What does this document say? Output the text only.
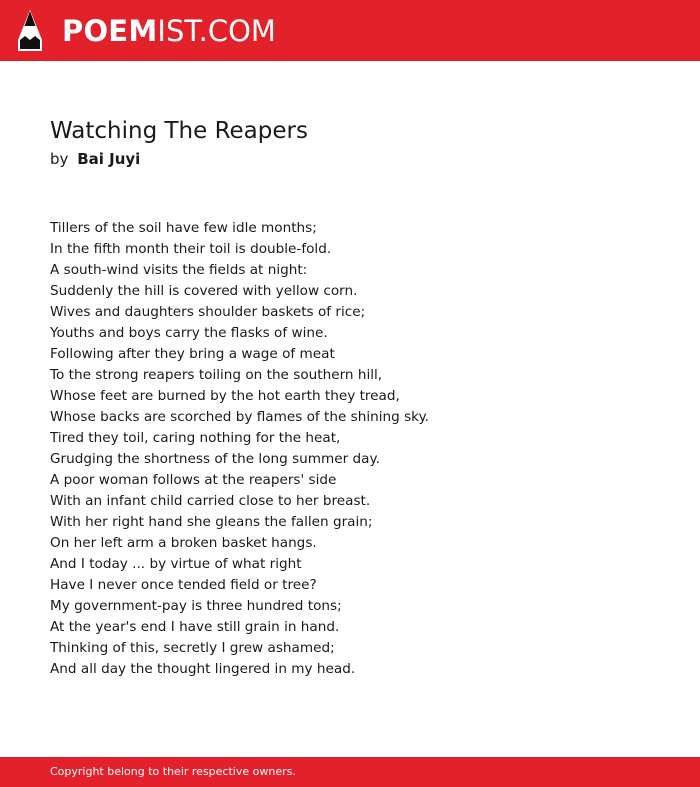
POEMIST.COM
Watching The Reapers
by Bai Juyi
Tillers of the soil have few idle months;
In the fifth month their toil is double-fold.
A south-wind visits the fields at night:
Suddenly the hill is covered with yellow corn.
Wives and daughters shoulder baskets of rice;
Youths and boys carry the flasks of wine.
Following after they bring a wage of meat
To the strong reapers toiling on the southern hill,
Whose feet are burned by the hot earth they tread,
Whose backs are scorched by flames of the shining sky.
Tired they toil, caring nothing for the heat,
Grudging the shortness of the long summer day.
A poor woman follows at the reapers' side
With an infant child carried close to her breast.
With her right hand she gleans the fallen grain;
On her left arm a broken basket hangs.
And I today ... by virtue of what right
Have I never once tended field or tree?
My government-pay is three hundred tons;
At the year's end I have still grain in hand.
Thinking of this, secretly I grew ashamed;
And all day the thought lingered in my head.
Copyright belong to their respective owners.
